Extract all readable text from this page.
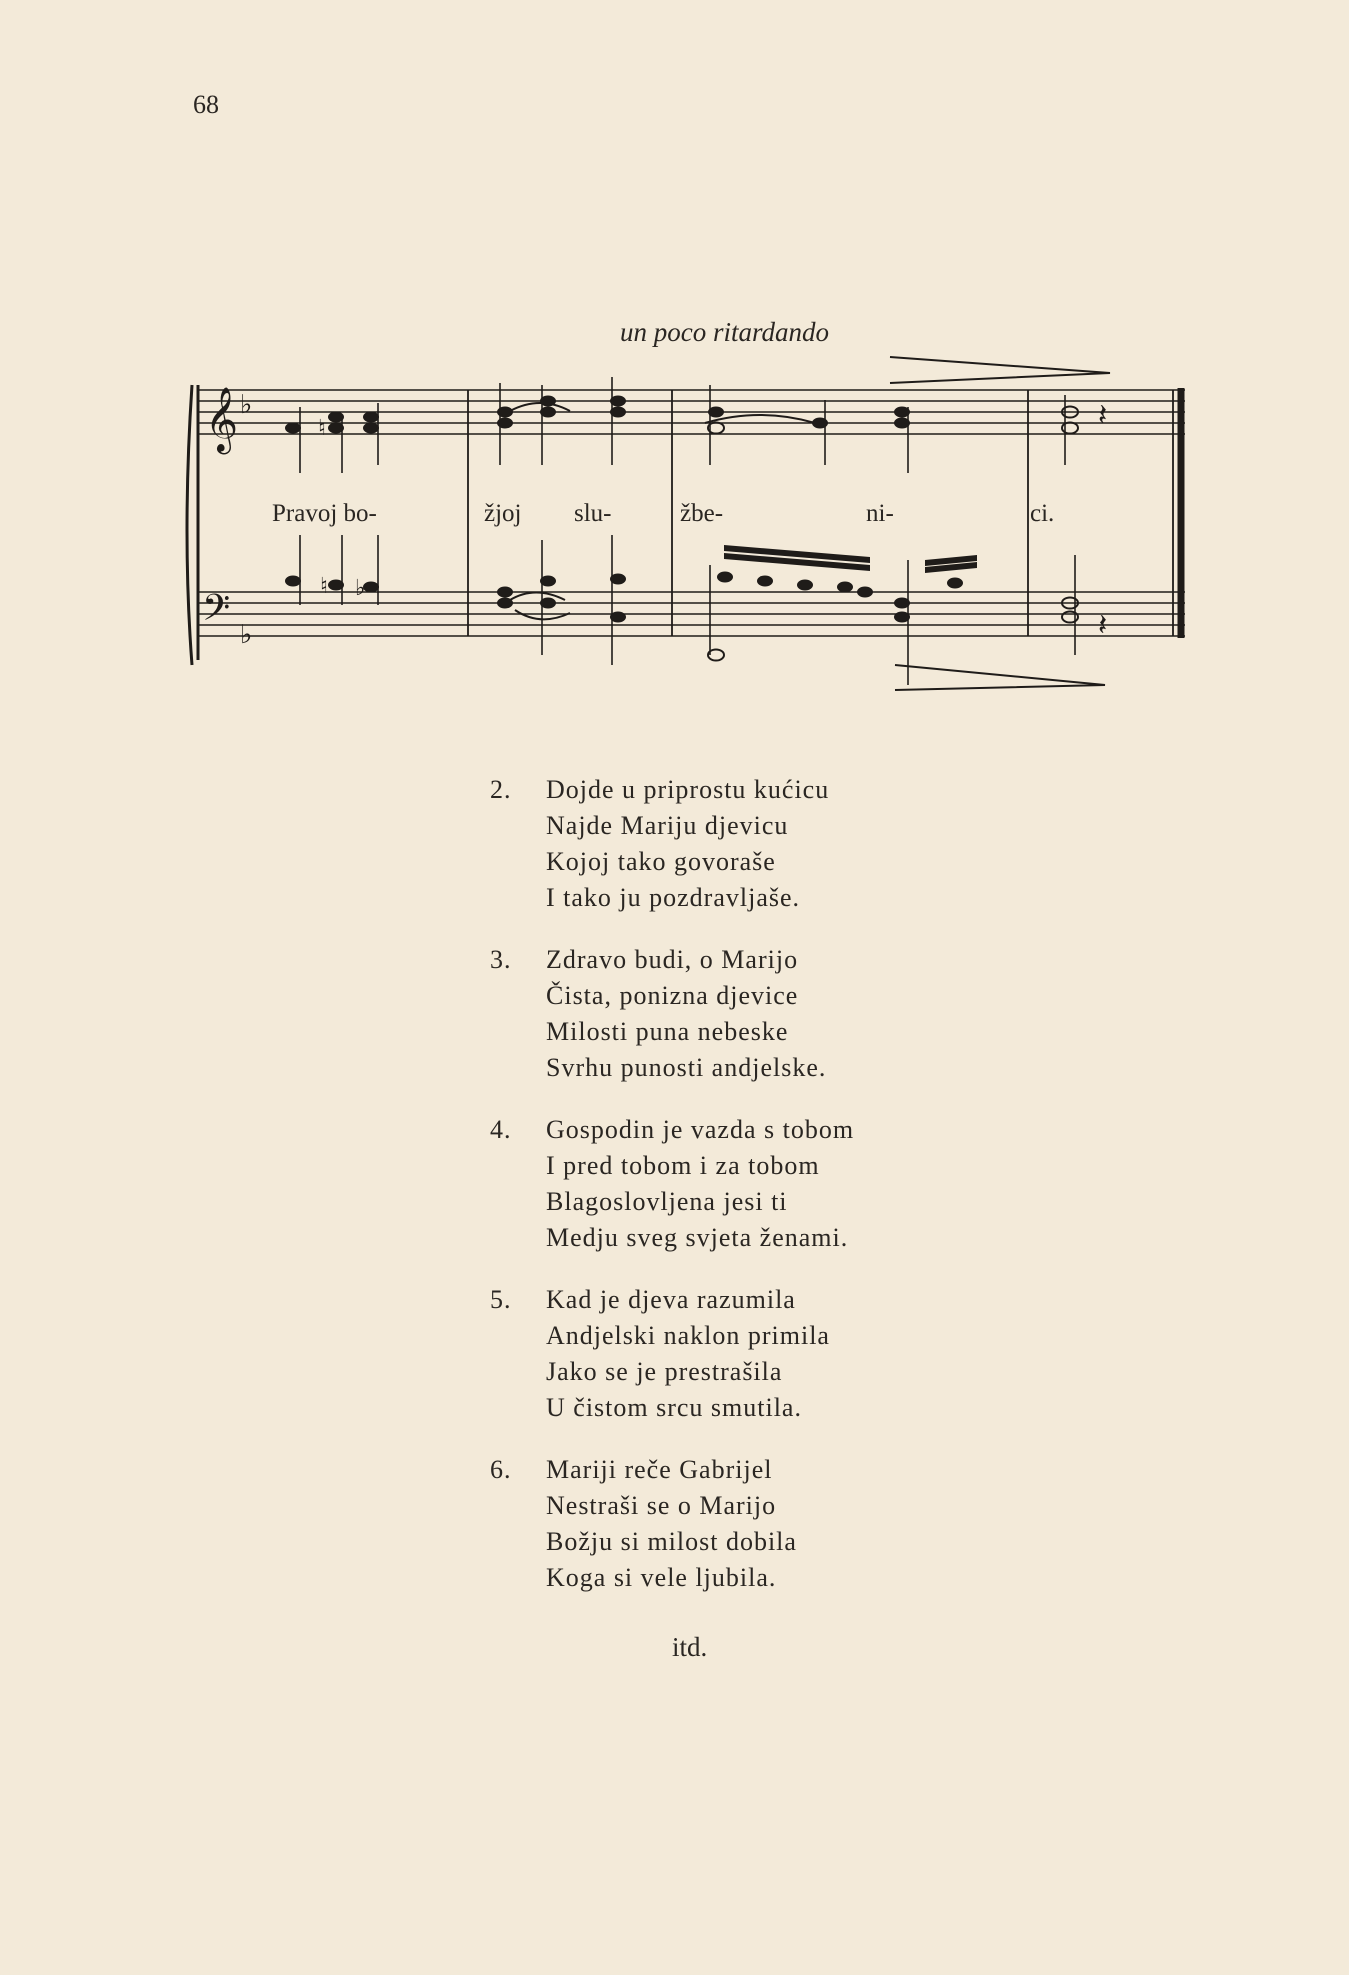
68
un poco ritardando
𝄞 ♭
𝄢 ♭
♮
♮ ♭
𝄽
𝄽
Pravoj bo-	žjoj slu-	žbe-	ni-	ci.
2.	Dojde u priprostu kućicu
Najde Mariju djevicu
Kojoj tako govoraše
I tako ju pozdravljaše.
3.	Zdravo budi, o Marijo
Čista, ponizna djevice
Milosti puna nebeske
Svrhu punosti andjelske.
4.	Gospodin je vazda s tobom
I pred tobom i za tobom
Blagoslovljena jesi ti
Medju sveg svjeta ženami.
5.	Kad je djeva razumila
Andjelski naklon primila
Jako se je prestrašila
U čistom srcu smutila.
6.	Mariji reče Gabrijel
Nestraši se o Marijo
Božju si milost dobila
Koga si vele ljubila.
itd.
